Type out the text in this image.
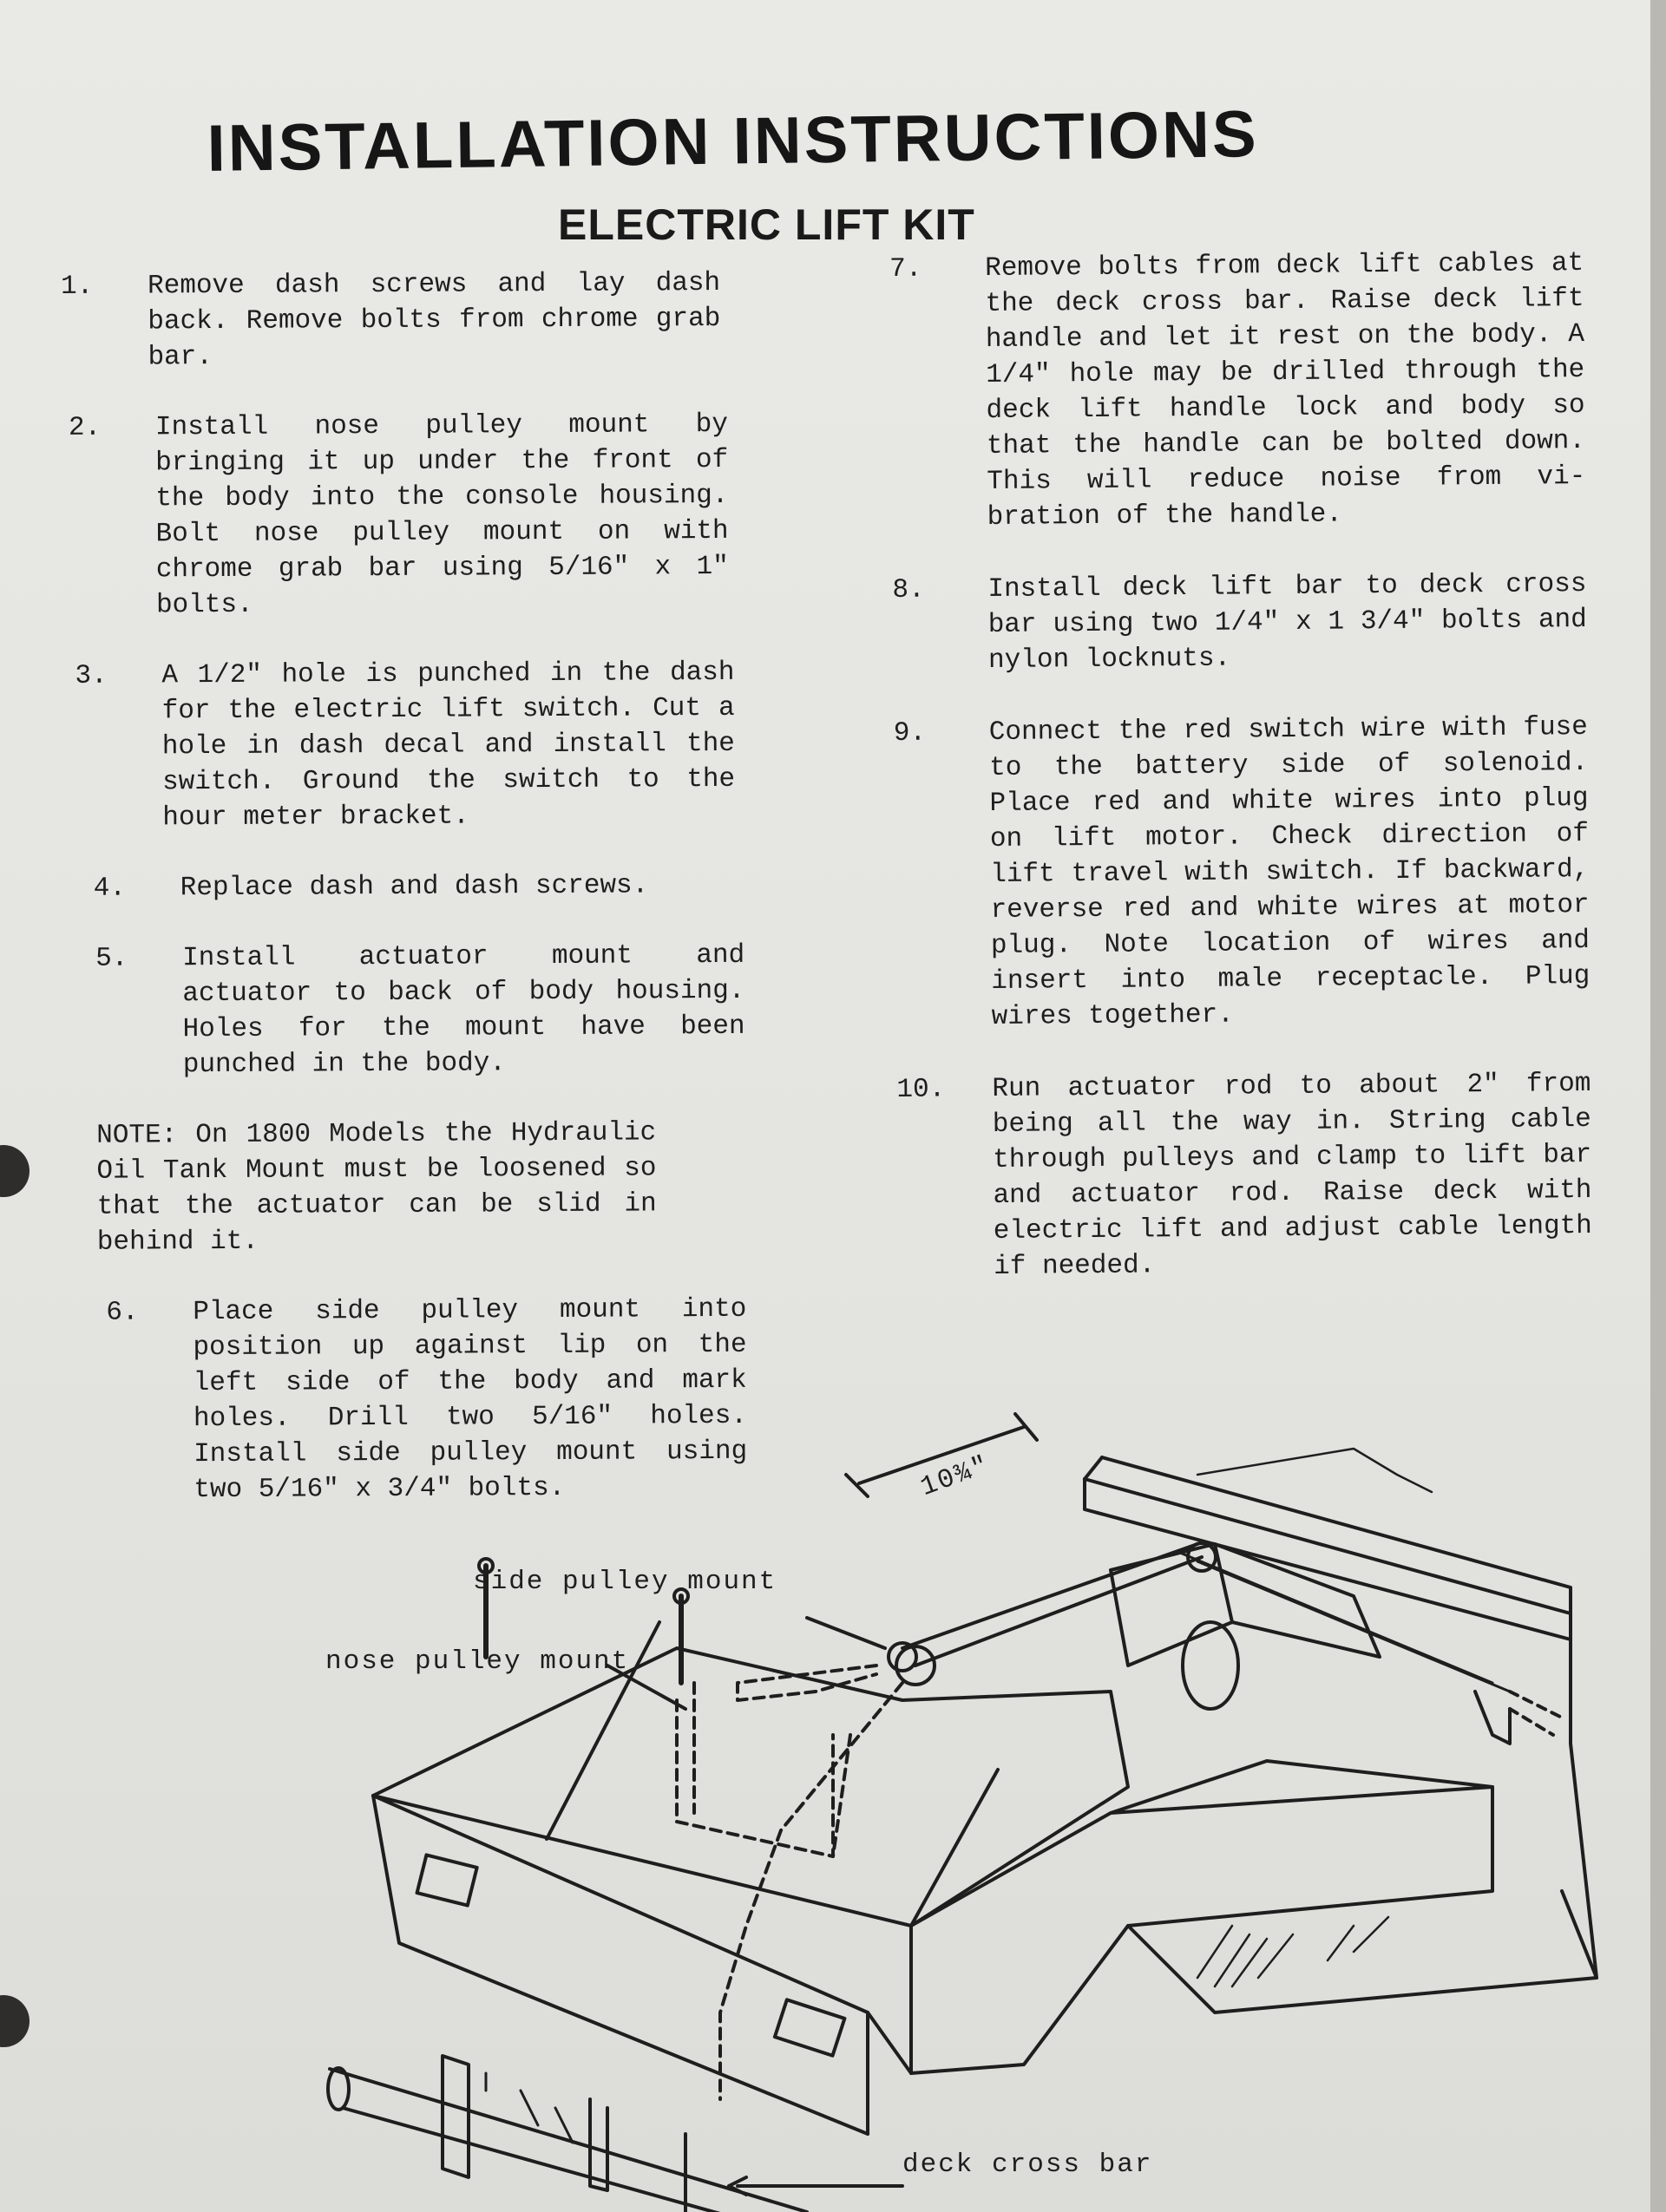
INSTALLATION INSTRUCTIONS
ELECTRIC LIFT KIT
1.	Remove dash screws and lay dash back. Remove bolts from chrome grab bar.
2.	Install nose pulley mount by bringing it up under the front of the body into the console housing. Bolt nose pulley mount on with chrome grab bar using 5/16" x 1" bolts.
3.	A 1/2" hole is punched in the dash for the electric lift switch. Cut a hole in dash decal and install the switch. Ground the switch to the hour meter bracket.
4.	Replace dash and dash screws.
5.	Install actuator mount and actuator to back of body housing. Holes for the mount have been punched in the body.
NOTE: On 1800 Models the Hydraulic Oil Tank Mount must be loosened so that the actuator can be slid in behind it.
6.	Place side pulley mount into position up against lip on the left side of the body and mark holes. Drill two 5/16" holes. Install side pulley mount using two 5/16" x 3/4" bolts.
7.	Remove bolts from deck lift cables at the deck cross bar. Raise deck lift handle and let it rest on the body. A 1/4" hole may be drilled through the deck lift handle lock and body so that the handle can be bolted down. This will reduce noise from vi-bration of the handle.
8.	Install deck lift bar to deck cross bar using two 1/4" x 1 3/4" bolts and nylon locknuts.
9.	Connect the red switch wire with fuse to the battery side of solenoid. Place red and white wires into plug on lift motor. Check direction of lift travel with switch. If backward, reverse red and white wires at motor plug. Note location of wires and insert into male receptacle. Plug wires together.
10.	Run actuator rod to about 2" from being all the way in. String cable through pulleys and clamp to lift bar and actuator rod. Raise deck with electric lift and adjust cable length if needed.
10¾"
side pulley mount
nose pulley mount
deck cross bar
